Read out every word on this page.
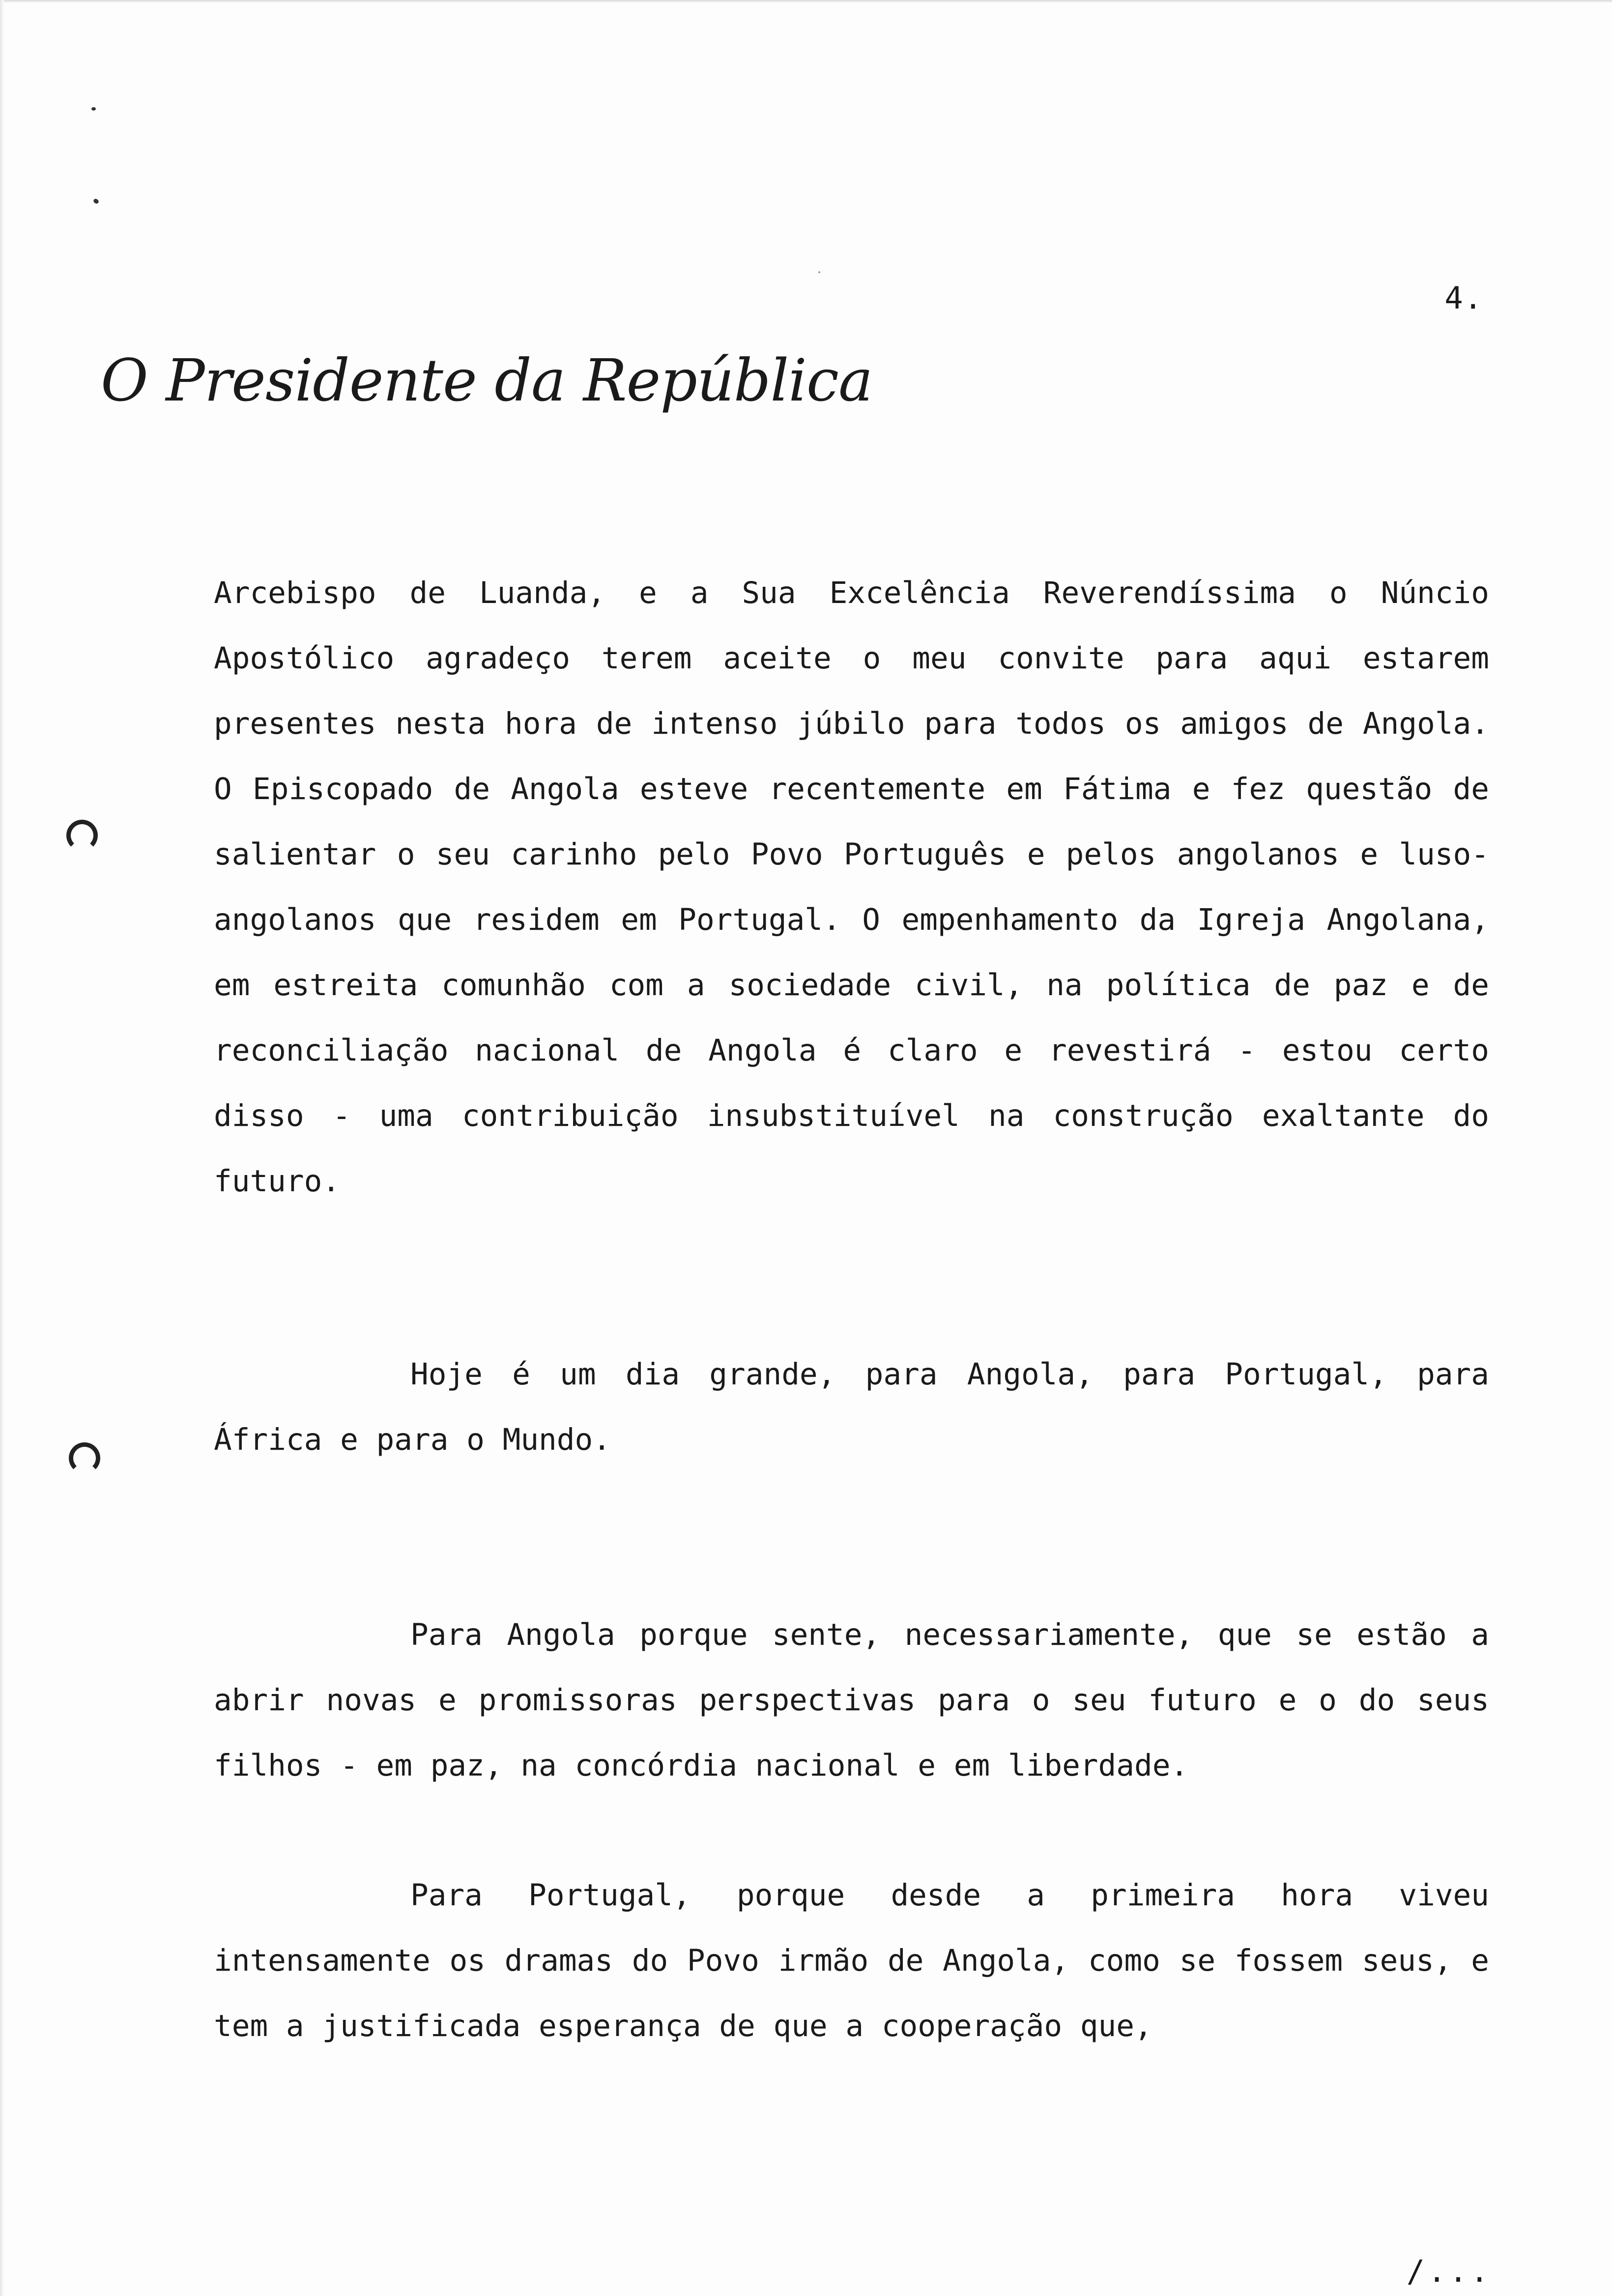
4.
O Presidente da República

Arcebispo de Luanda, e a Sua Excelência Reverendíssima o Núncio Apostólico agradeço terem aceite o meu convite para aqui estarem presentes nesta hora de intenso júbilo para todos os amigos de Angola. O Episcopado de Angola esteve recentemente em Fátima e fez questão de salientar o seu carinho pelo Povo Português e pelos angolanos e luso-angolanos que residem em Portugal. O empenhamento da Igreja Angolana, em estreita comunhão com a sociedade civil, na política de paz e de reconciliação nacional de Angola é claro e revestirá - estou certo disso - uma contribuição insubstituível na construção exaltante do futuro.

Hoje é um dia grande, para Angola, para Portugal, para África e para o Mundo.

Para Angola porque sente, necessariamente, que se estão a abrir novas e promissoras perspectivas para o seu futuro e o do seus filhos - em paz, na concórdia nacional e em liberdade.

Para Portugal, porque desde a primeira hora viveu intensamente os dramas do Povo irmão de Angola, como se fossem seus, e tem a justificada esperança de que a cooperação que,

/...
